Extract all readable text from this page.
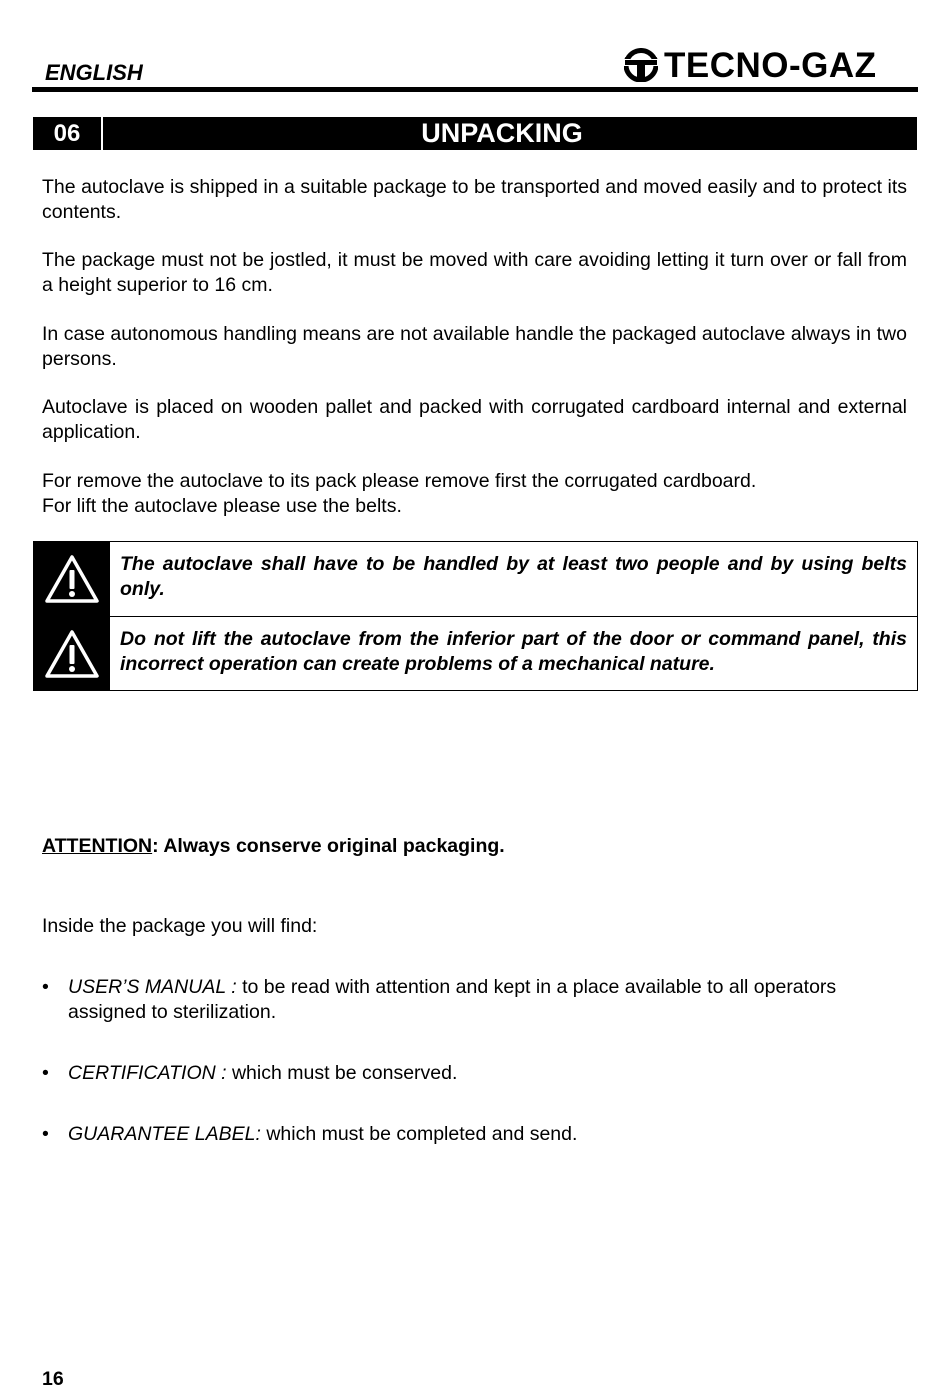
ENGLISH	TECNO-GAZ
06	UNPACKING

The autoclave is shipped in a suitable package to be transported and moved easily and to protect its contents.

The package must not be jostled, it must be moved with care avoiding letting it turn over or fall from a height superior to 16 cm.

In case autonomous handling means are not available handle the packaged autoclave always in two persons.

Autoclave is placed on wooden pallet and packed with corrugated cardboard internal and external application.

For remove the autoclave to its pack please remove first the corrugated cardboard.

For lift the autoclave please use the belts.

The autoclave shall have to be handled by at least two people and by using belts only.
Do not lift the autoclave from the inferior part of the door or command panel, this incorrect operation can create problems of a mechanical nature.
ATTENTION: Always conserve original packaging.

Inside the package you will find:

• USER’S MANUAL : to be read with attention and kept in a place available to all operators assigned to sterilization.
• CERTIFICATION : which must be conserved.
• GUARANTEE LABEL: which must be completed and send.
16
